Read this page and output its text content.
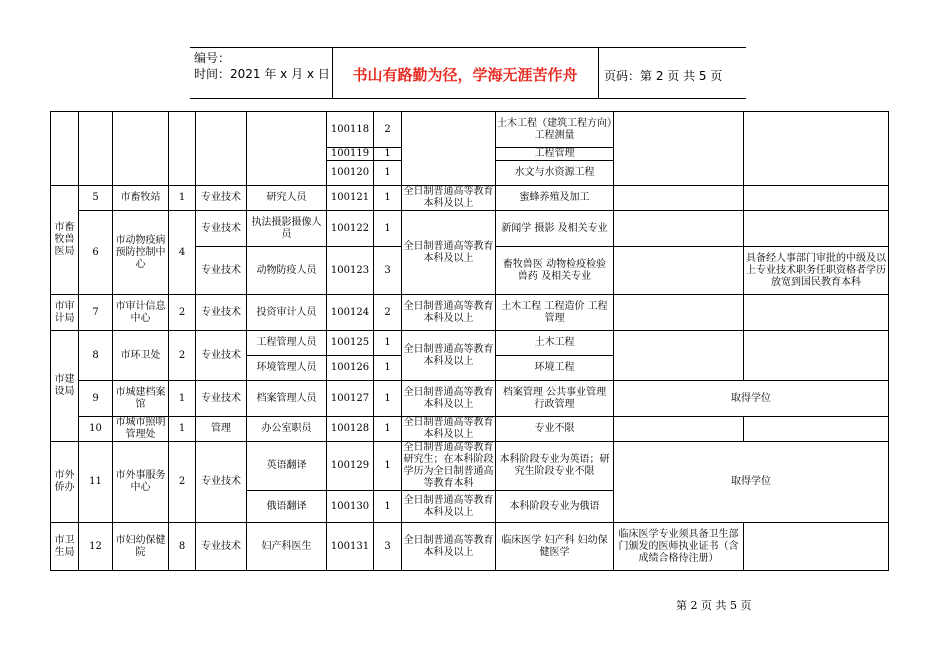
编号：
时间：2021 年 x 月 x 日	书山有路勤为径，学海无涯苦作舟	页码：第 2 页 共 5 页
						100118	2		土木工程（建筑工程方向）工程测量		
						100119	1		工程管理		
						100120	1		水文与水资源工程		
市畜牧兽医局	5	市畜牧站	1	专业技术	研究人员	100121	1	全日制普通高等教育本科及以上	蜜蜂养殖及加工		
	6	市动物疫病预防控制中心	4	专业技术	执法摄影摄像人员	100122	1	全日制普通高等教育本科及以上	新闻学 摄影 及相关专业		
				专业技术	动物防疫人员	100123	3		畜牧兽医 动物检疫检验 兽药 及相关专业		具备经人事部门审批的中级及以上专业技术职务任职资格者学历放宽到国民教育本科
市审计局	7	市审计信息中心	2	专业技术	投资审计人员	100124	2	全日制普通高等教育本科及以上	土木工程 工程造价 工程管理		
市建设局	8	市环卫处	2	专业技术	工程管理人员	100125	1	全日制普通高等教育本科及以上	土木工程		
					环境管理人员	100126	1		环境工程		
	9	市城建档案馆	1	专业技术	档案管理人员	100127	1	全日制普通高等教育本科及以上	档案管理 公共事业管理 行政管理	取得学位	
	10	市城市照明管理处	1	管理	办公室职员	100128	1	全日制普通高等教育本科及以上	专业不限		
市外侨办	11	市外事服务中心	2	专业技术	英语翻译	100129	1	全日制普通高等教育研究生；在本科阶段学历为全日制普通高等教育本科	本科阶段专业为英语；研究生阶段专业不限	取得学位	
					俄语翻译	100130	1	全日制普通高等教育本科及以上	本科阶段专业为俄语		
市卫生局	12	市妇幼保健院	8	专业技术	妇产科医生	100131	3	全日制普通高等教育本科及以上	临床医学 妇产科 妇幼保健医学	临床医学专业须具备卫生部门颁发的医师执业证书（含成绩合格待注册）	
第 2 页 共 5 页
